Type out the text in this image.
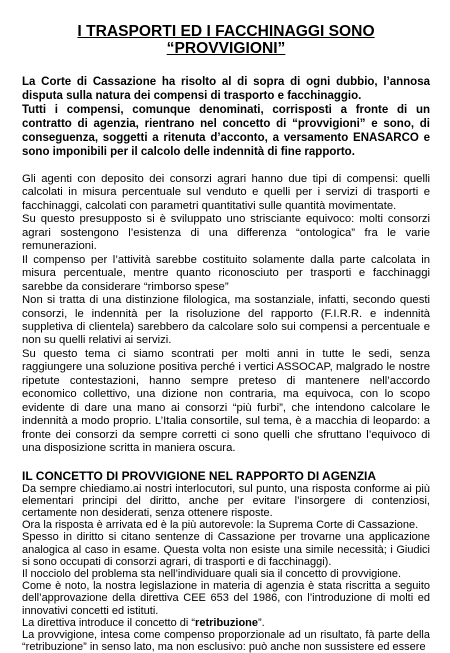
I TRASPORTI ED I FACCHINAGGI SONO
“PROVVIGIONI”

La Corte di Cassazione ha risolto al di sopra di ogni dubbio, l’annosa disputa sulla natura dei compensi di trasporto e facchinaggio.

Tutti i compensi, comunque denominati, corrisposti a fronte di un contratto di agenzia, rientrano nel concetto di “provvigioni” e sono, di conseguenza, soggetti a ritenuta d’acconto, a versamento ENASARCO e sono imponibili per il calcolo delle indennità di fine rapporto.

Gli agenti con deposito dei consorzi agrari hanno due tipi di compensi: quelli calcolati in misura percentuale sul venduto e quelli per i servizi di trasporti e facchinaggi, calcolati con parametri quantitativi sulle quantità movimentate.

Su questo presupposto si è sviluppato uno strisciante equivoco: molti consorzi agrari sostengono l’esistenza di una differenza “ontologica” fra le varie remunerazioni.

Il compenso per l’attività sarebbe costituito solamente dalla parte calcolata in misura percentuale, mentre quanto riconosciuto per trasporti e facchinaggi sarebbe da considerare “rimborso spese”

Non si tratta di una distinzione filologica, ma sostanziale, infatti, secondo questi consorzi, le indennità per la risoluzione del rapporto (F.I.R.R. e indennità suppletiva di clientela) sarebbero da calcolare solo sui compensi a percentuale e non su quelli relativi ai servizi.

Su questo tema ci siamo scontrati per molti anni in tutte le sedi, senza raggiungere una soluzione positiva perché i vertici ASSOCAP, malgrado le nostre ripetute contestazioni, hanno sempre preteso di mantenere nell’accordo economico collettivo, una dizione non contraria, ma equivoca, con lo scopo evidente di dare una mano ai consorzi “più furbi”, che intendono calcolare le indennità a modo proprio. L’Italia consortile, sul tema, è a macchia di leopardo: a fronte dei consorzi da sempre corretti ci sono quelli che sfruttano l’equivoco di una disposizione scritta in maniera oscura.

IL CONCETTO DI PROVVIGIONE NEL RAPPORTO DI AGENZIA

Da sempre chiediamo.ai nostri interlocutori, sul punto, una risposta conforme ai più elementari principi del diritto, anche per evitare l’insorgere di contenziosi, certamente non desiderati, senza ottenere risposte.

Ora la risposta è arrivata ed è la più autorevole: la Suprema Corte di Cassazione.

Spesso in diritto si citano sentenze di Cassazione per trovarne una applicazione analogica al caso in esame. Questa volta non esiste una simile necessità; i Giudici si sono occupati di consorzi agrari, di trasporti e di facchinaggi).

Il nocciolo del problema sta nell’individuare quali sia il concetto di provvigione.

Come è noto, la nostra legislazione in materia di agenzia è stata riscritta a seguito dell’approvazione della direttiva CEE 653 del 1986, con l’introduzione di molti ed innovativi concetti ed istituti.

La direttiva introduce il concetto di “retribuzione”.

La provvigione, intesa come compenso proporzionale ad un risultato, fà parte della “retribuzione” in senso lato, ma non esclusivo: può anche non sussistere ed essere
